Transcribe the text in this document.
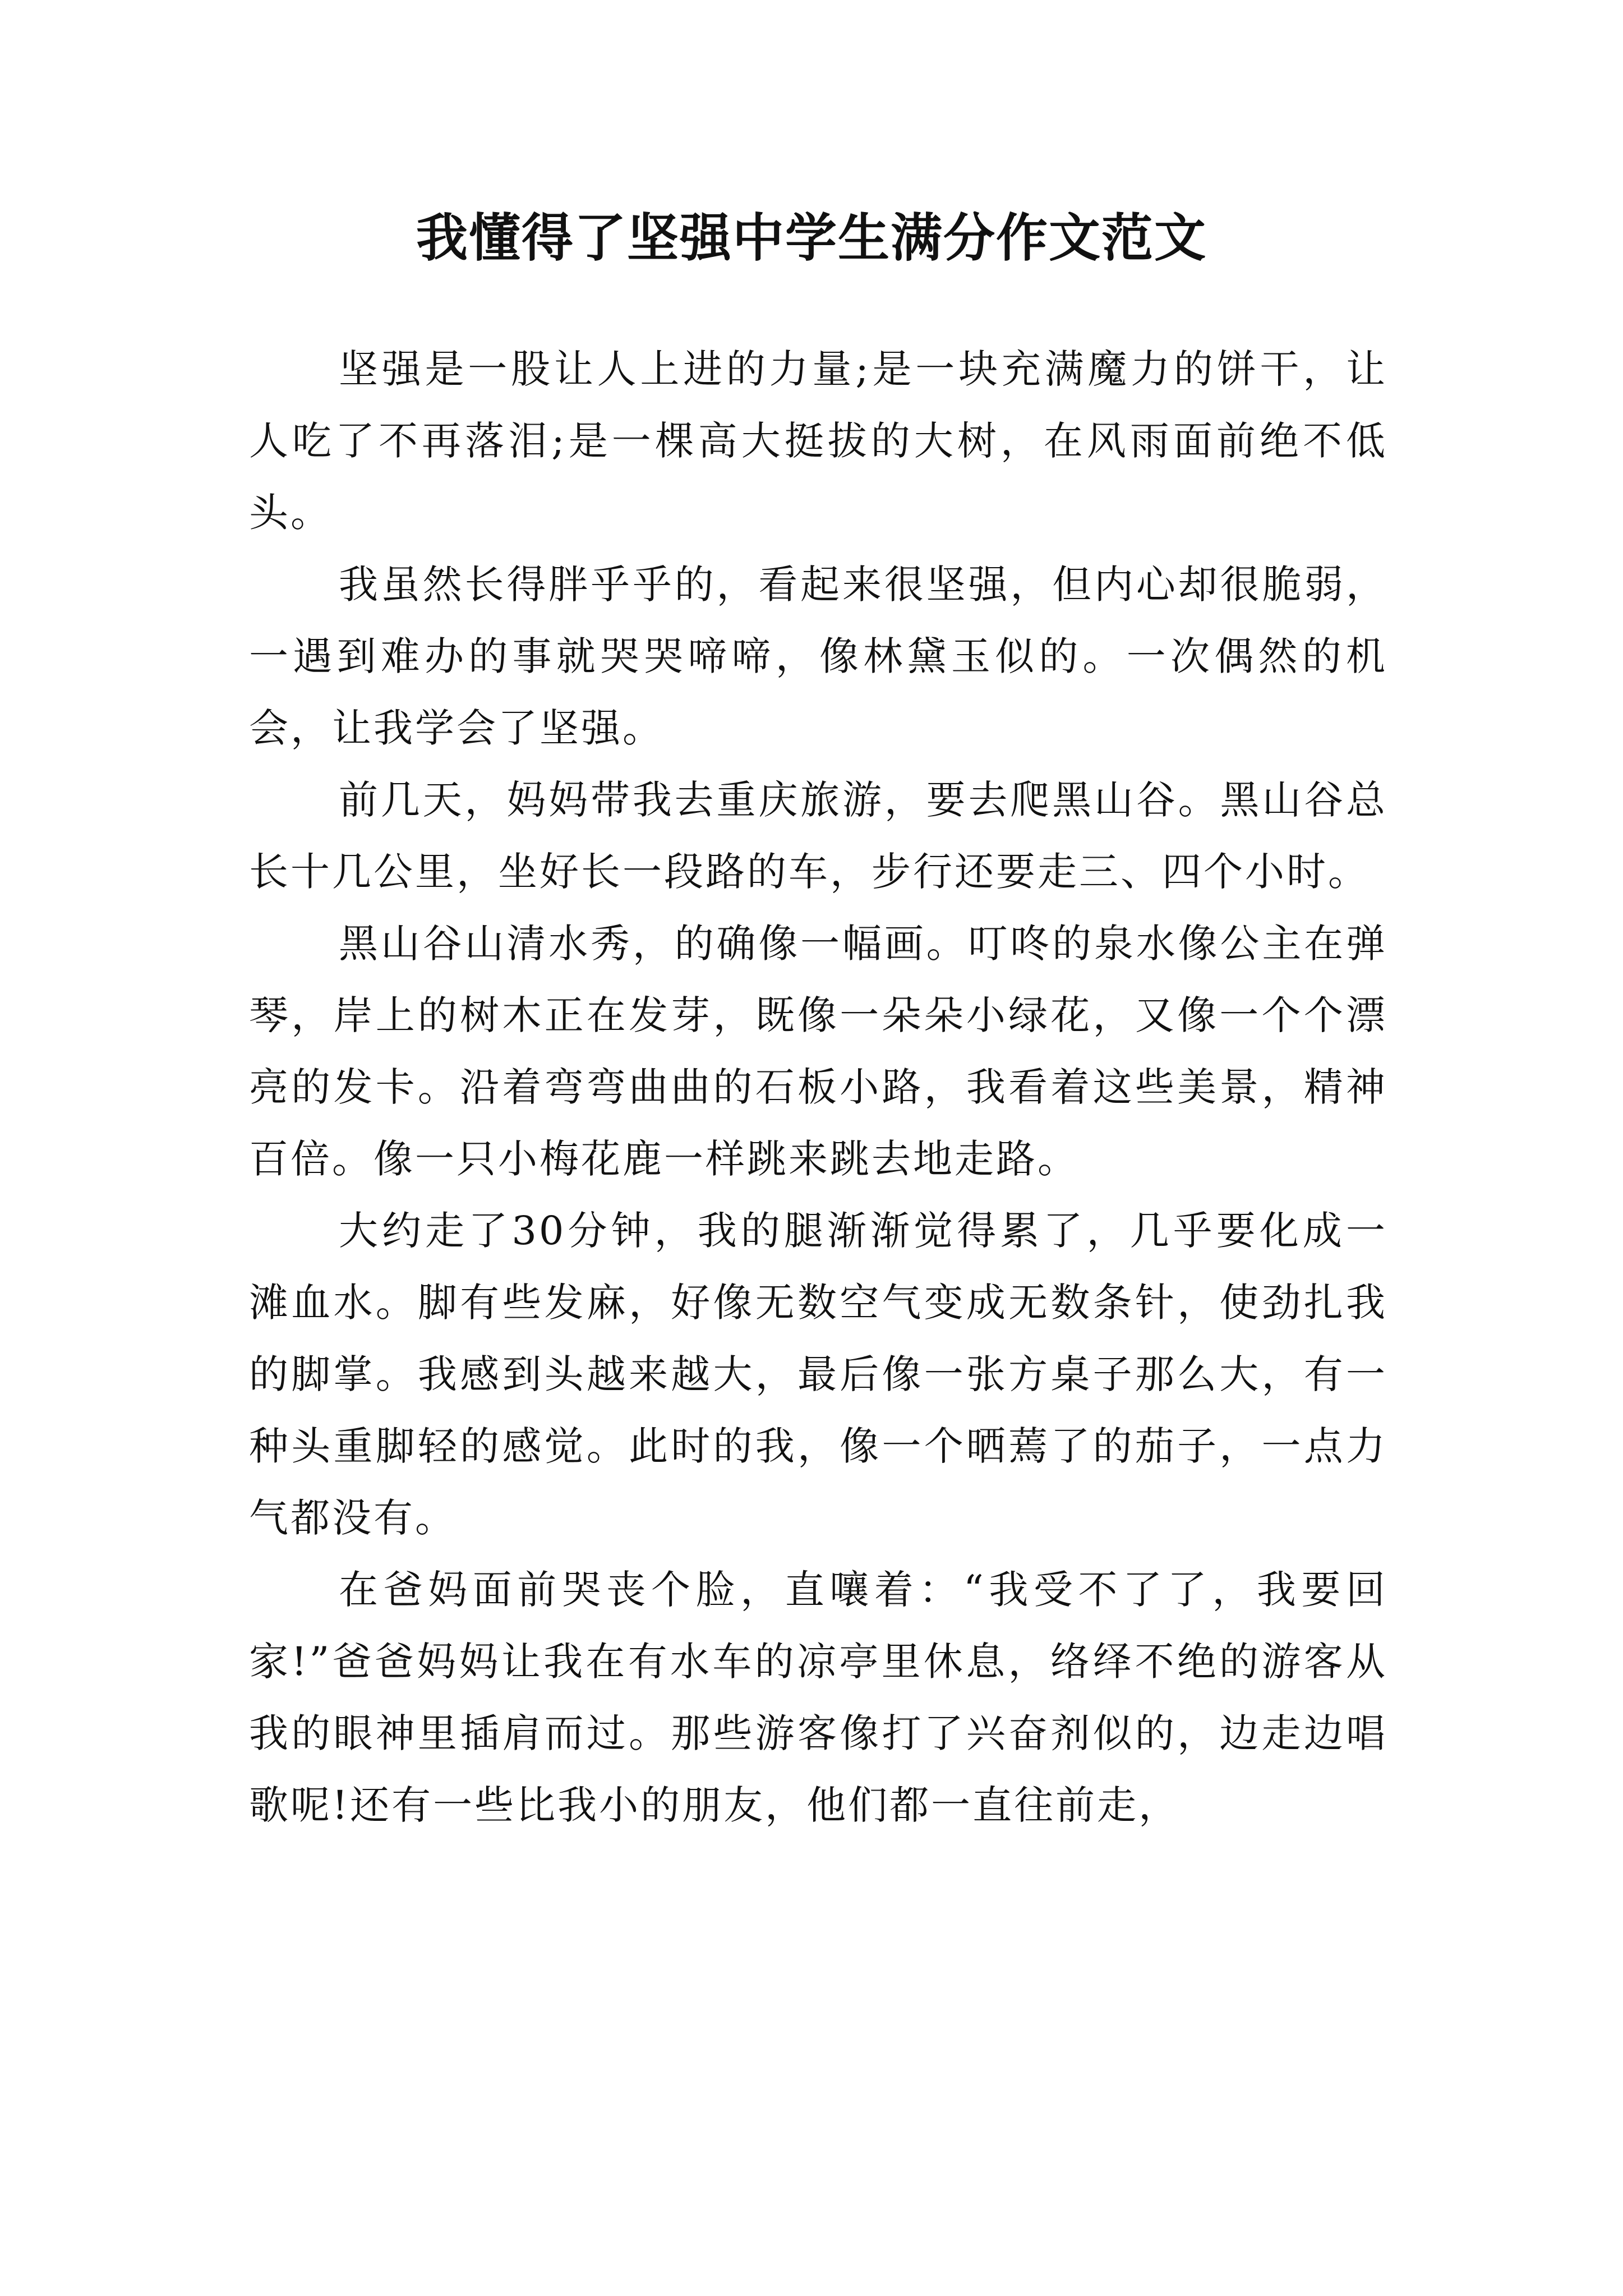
我懂得了坚强中学生满分作文范文

坚强是一股让人上进的力量;是一块充满魔力的饼干，让人吃了不再落泪;是一棵高大挺拔的大树，在风雨面前绝不低头。

我虽然长得胖乎乎的，看起来很坚强，但内心却很脆弱，一遇到难办的事就哭哭啼啼，像林黛玉似的。一次偶然的机会，让我学会了坚强。

前几天，妈妈带我去重庆旅游，要去爬黑山谷。黑山谷总长十几公里，坐好长一段路的车，步行还要走三、四个小时。

黑山谷山清水秀，的确像一幅画。叮咚的泉水像公主在弹琴，岸上的树木正在发芽，既像一朵朵小绿花，又像一个个漂亮的发卡。沿着弯弯曲曲的石板小路，我看着这些美景，精神百倍。像一只小梅花鹿一样跳来跳去地走路。

大约走了30分钟，我的腿渐渐觉得累了，几乎要化成一滩血水。脚有些发麻，好像无数空气变成无数条针，使劲扎我的脚掌。我感到头越来越大，最后像一张方桌子那么大，有一种头重脚轻的感觉。此时的我，像一个晒蔫了的茄子，一点力气都没有。

在爸妈面前哭丧个脸，直嚷着：“我受不了了，我要回家!”爸爸妈妈让我在有水车的凉亭里休息，络绎不绝的游客从我的眼神里插肩而过。那些游客像打了兴奋剂似的，边走边唱歌呢!还有一些比我小的朋友，他们都一直往前走，
